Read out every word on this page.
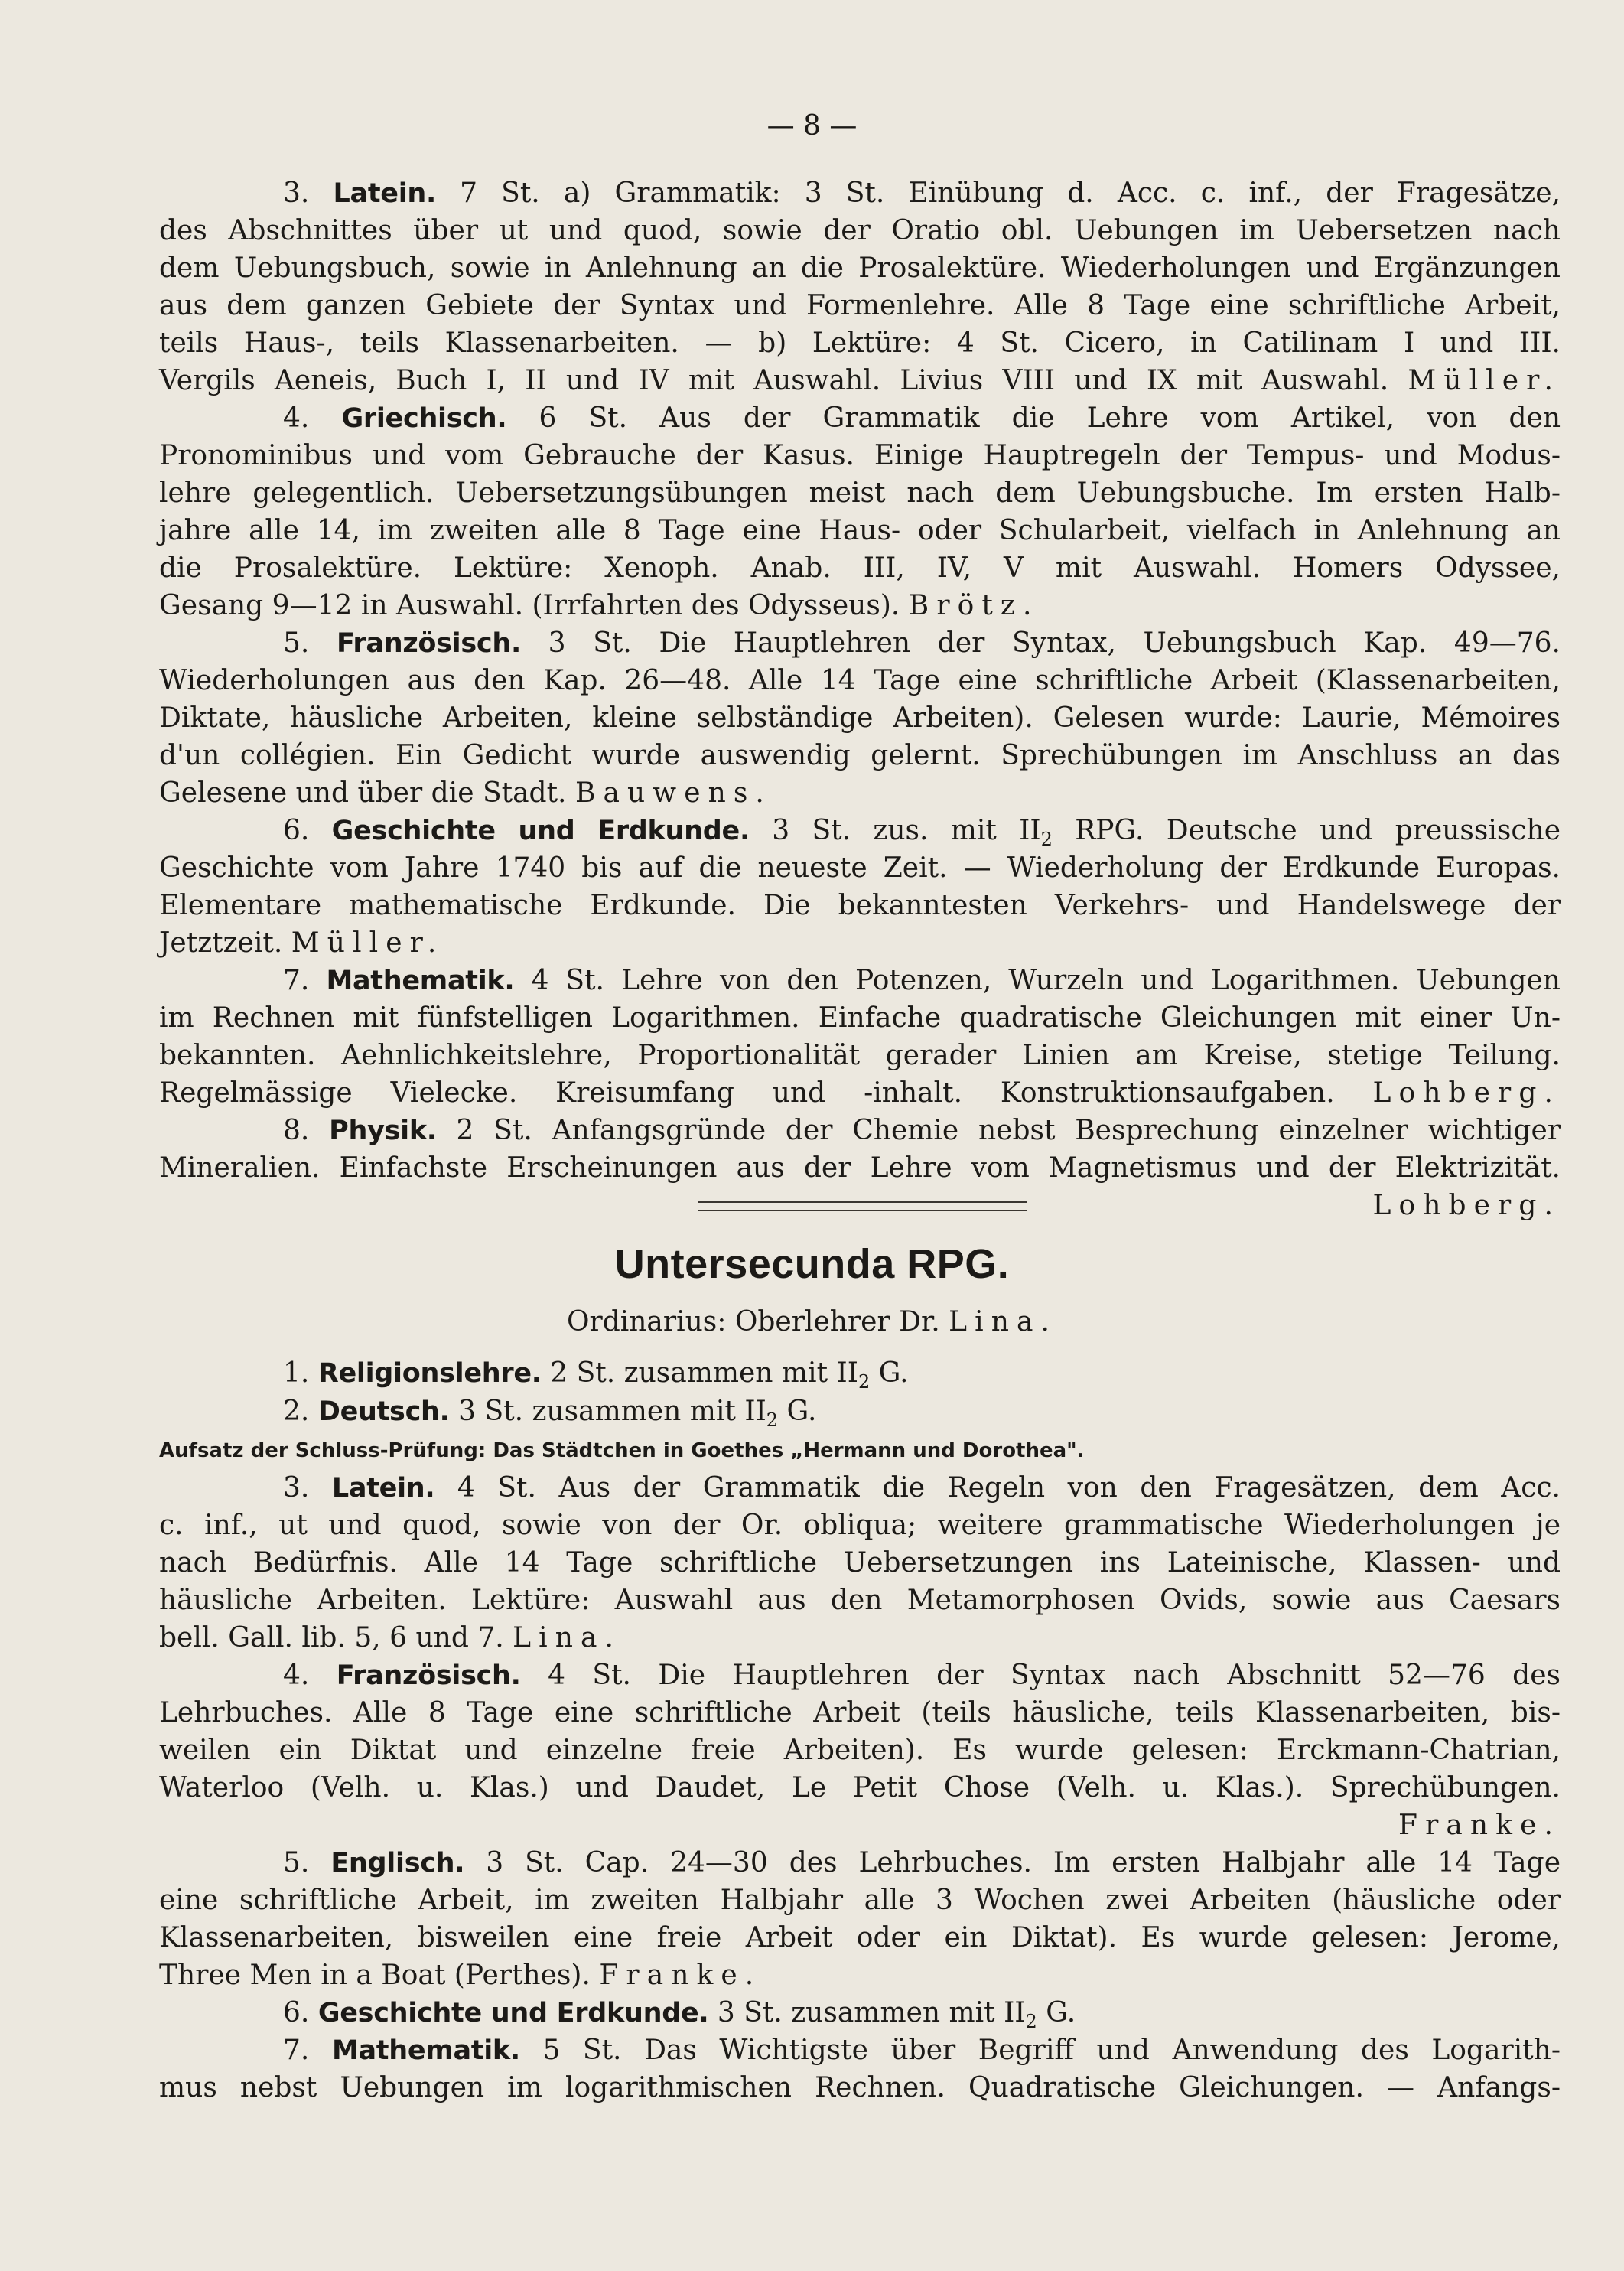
— 8 —
3. Latein. 7 St. a) Grammatik: 3 St. Einübung d. Acc. c. inf., der Fragesätze,
des Abschnittes über ut und quod, sowie der Oratio obl. Uebungen im Uebersetzen nach
dem Uebungsbuch, sowie in Anlehnung an die Prosalektüre. Wiederholungen und Ergänzungen
aus dem ganzen Gebiete der Syntax und Formenlehre. Alle 8 Tage eine schriftliche Arbeit,
teils Haus-, teils Klassenarbeiten. — b) Lektüre: 4 St. Cicero, in Catilinam I und III.
Vergils Aeneis, Buch I, II und IV mit Auswahl. Livius VIII und IX mit Auswahl. Müller.
4. Griechisch. 6 St. Aus der Grammatik die Lehre vom Artikel, von den
Pronominibus und vom Gebrauche der Kasus. Einige Hauptregeln der Tempus- und Modus-
lehre gelegentlich. Uebersetzungsübungen meist nach dem Uebungsbuche. Im ersten Halb-
jahre alle 14, im zweiten alle 8 Tage eine Haus- oder Schularbeit, vielfach in Anlehnung an
die Prosalektüre. Lektüre: Xenoph. Anab. III, IV, V mit Auswahl. Homers Odyssee,
Gesang 9—12 in Auswahl. (Irrfahrten des Odysseus). Brötz.
5. Französisch. 3 St. Die Hauptlehren der Syntax, Uebungsbuch Kap. 49—76.
Wiederholungen aus den Kap. 26—48. Alle 14 Tage eine schriftliche Arbeit (Klassenarbeiten,
Diktate, häusliche Arbeiten, kleine selbständige Arbeiten). Gelesen wurde: Laurie, Mémoires
d'un collégien. Ein Gedicht wurde auswendig gelernt. Sprechübungen im Anschluss an das
Gelesene und über die Stadt. Bauwens.
6. Geschichte und Erdkunde. 3 St. zus. mit $II_2$ RPG. Deutsche und preussische
Geschichte vom Jahre 1740 bis auf die neueste Zeit. — Wiederholung der Erdkunde Europas.
Elementare mathematische Erdkunde. Die bekanntesten Verkehrs- und Handelswege der
Jetztzeit. Müller.
7. Mathematik. 4 St. Lehre von den Potenzen, Wurzeln und Logarithmen. Uebungen
im Rechnen mit fünfstelligen Logarithmen. Einfache quadratische Gleichungen mit einer Un-
bekannten. Aehnlichkeitslehre, Proportionalität gerader Linien am Kreise, stetige Teilung.
Regelmässige Vielecke. Kreisumfang und -inhalt. Konstruktionsaufgaben. Lohberg.
8. Physik. 2 St. Anfangsgründe der Chemie nebst Besprechung einzelner wichtiger
Mineralien. Einfachste Erscheinungen aus der Lehre vom Magnetismus und der Elektrizität.
Lohberg.
Untersecunda RPG.
Ordinarius: Oberlehrer Dr. Lina.
1. Religionslehre. 2 St. zusammen mit $II_2$ G.
2. Deutsch. 3 St. zusammen mit $II_2$ G.
Aufsatz der Schluss-Prüfung: Das Städtchen in Goethes „Hermann und Dorothea".
3. Latein. 4 St. Aus der Grammatik die Regeln von den Fragesätzen, dem Acc.
c. inf., ut und quod, sowie von der Or. obliqua; weitere grammatische Wiederholungen je
nach Bedürfnis. Alle 14 Tage schriftliche Uebersetzungen ins Lateinische, Klassen- und
häusliche Arbeiten. Lektüre: Auswahl aus den Metamorphosen Ovids, sowie aus Caesars
bell. Gall. lib. 5, 6 und 7. Lina.
4. Französisch. 4 St. Die Hauptlehren der Syntax nach Abschnitt 52—76 des
Lehrbuches. Alle 8 Tage eine schriftliche Arbeit (teils häusliche, teils Klassenarbeiten, bis-
weilen ein Diktat und einzelne freie Arbeiten). Es wurde gelesen: Erckmann-Chatrian,
Waterloo (Velh. u. Klas.) und Daudet, Le Petit Chose (Velh. u. Klas.). Sprechübungen.
Franke.
5. Englisch. 3 St. Cap. 24—30 des Lehrbuches. Im ersten Halbjahr alle 14 Tage
eine schriftliche Arbeit, im zweiten Halbjahr alle 3 Wochen zwei Arbeiten (häusliche oder
Klassenarbeiten, bisweilen eine freie Arbeit oder ein Diktat). Es wurde gelesen: Jerome,
Three Men in a Boat (Perthes). Franke.
6. Geschichte und Erdkunde. 3 St. zusammen mit $II_2$ G.
7. Mathematik. 5 St. Das Wichtigste über Begriff und Anwendung des Logarith-
mus nebst Uebungen im logarithmischen Rechnen. Quadratische Gleichungen. — Anfangs-
